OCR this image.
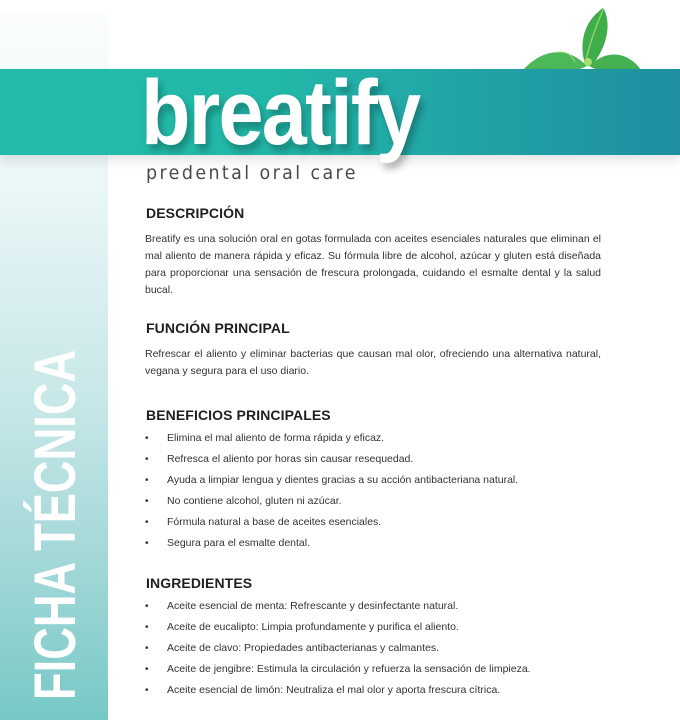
FICHA TÉCNICA
breatify
predental oral care
DESCRIPCIÓN

Breatify es una solución oral en gotas formulada con aceites esenciales naturales que eliminan el mal aliento de manera rápida y eficaz. Su fórmula libre de alcohol, azúcar y gluten está diseñada para proporcionar una sensación de frescura prolongada, cuidando el esmalte dental y la salud bucal.

FUNCIÓN PRINCIPAL

Refrescar el aliento y eliminar bacterias que causan mal olor, ofreciendo una alternativa natural, vegana y segura para el uso diario.

BENEFICIOS PRINCIPALES
• Elimina el mal aliento de forma rápida y eficaz.
• Refresca el aliento por horas sin causar resequedad.
• Ayuda a limpiar lengua y dientes gracias a su acción antibacteriana natural.
• No contiene alcohol, gluten ni azúcar.
• Fórmula natural a base de aceites esenciales.
• Segura para el esmalte dental.
INGREDIENTES
• Aceite esencial de menta: Refrescante y desinfectante natural.
• Aceite de eucalipto: Limpia profundamente y purifica el aliento.
• Aceite de clavo: Propiedades antibacterianas y calmantes.
• Aceite de jengibre: Estimula la circulación y refuerza la sensación de limpieza.
• Aceite esencial de limón: Neutraliza el mal olor y aporta frescura cítrica.
